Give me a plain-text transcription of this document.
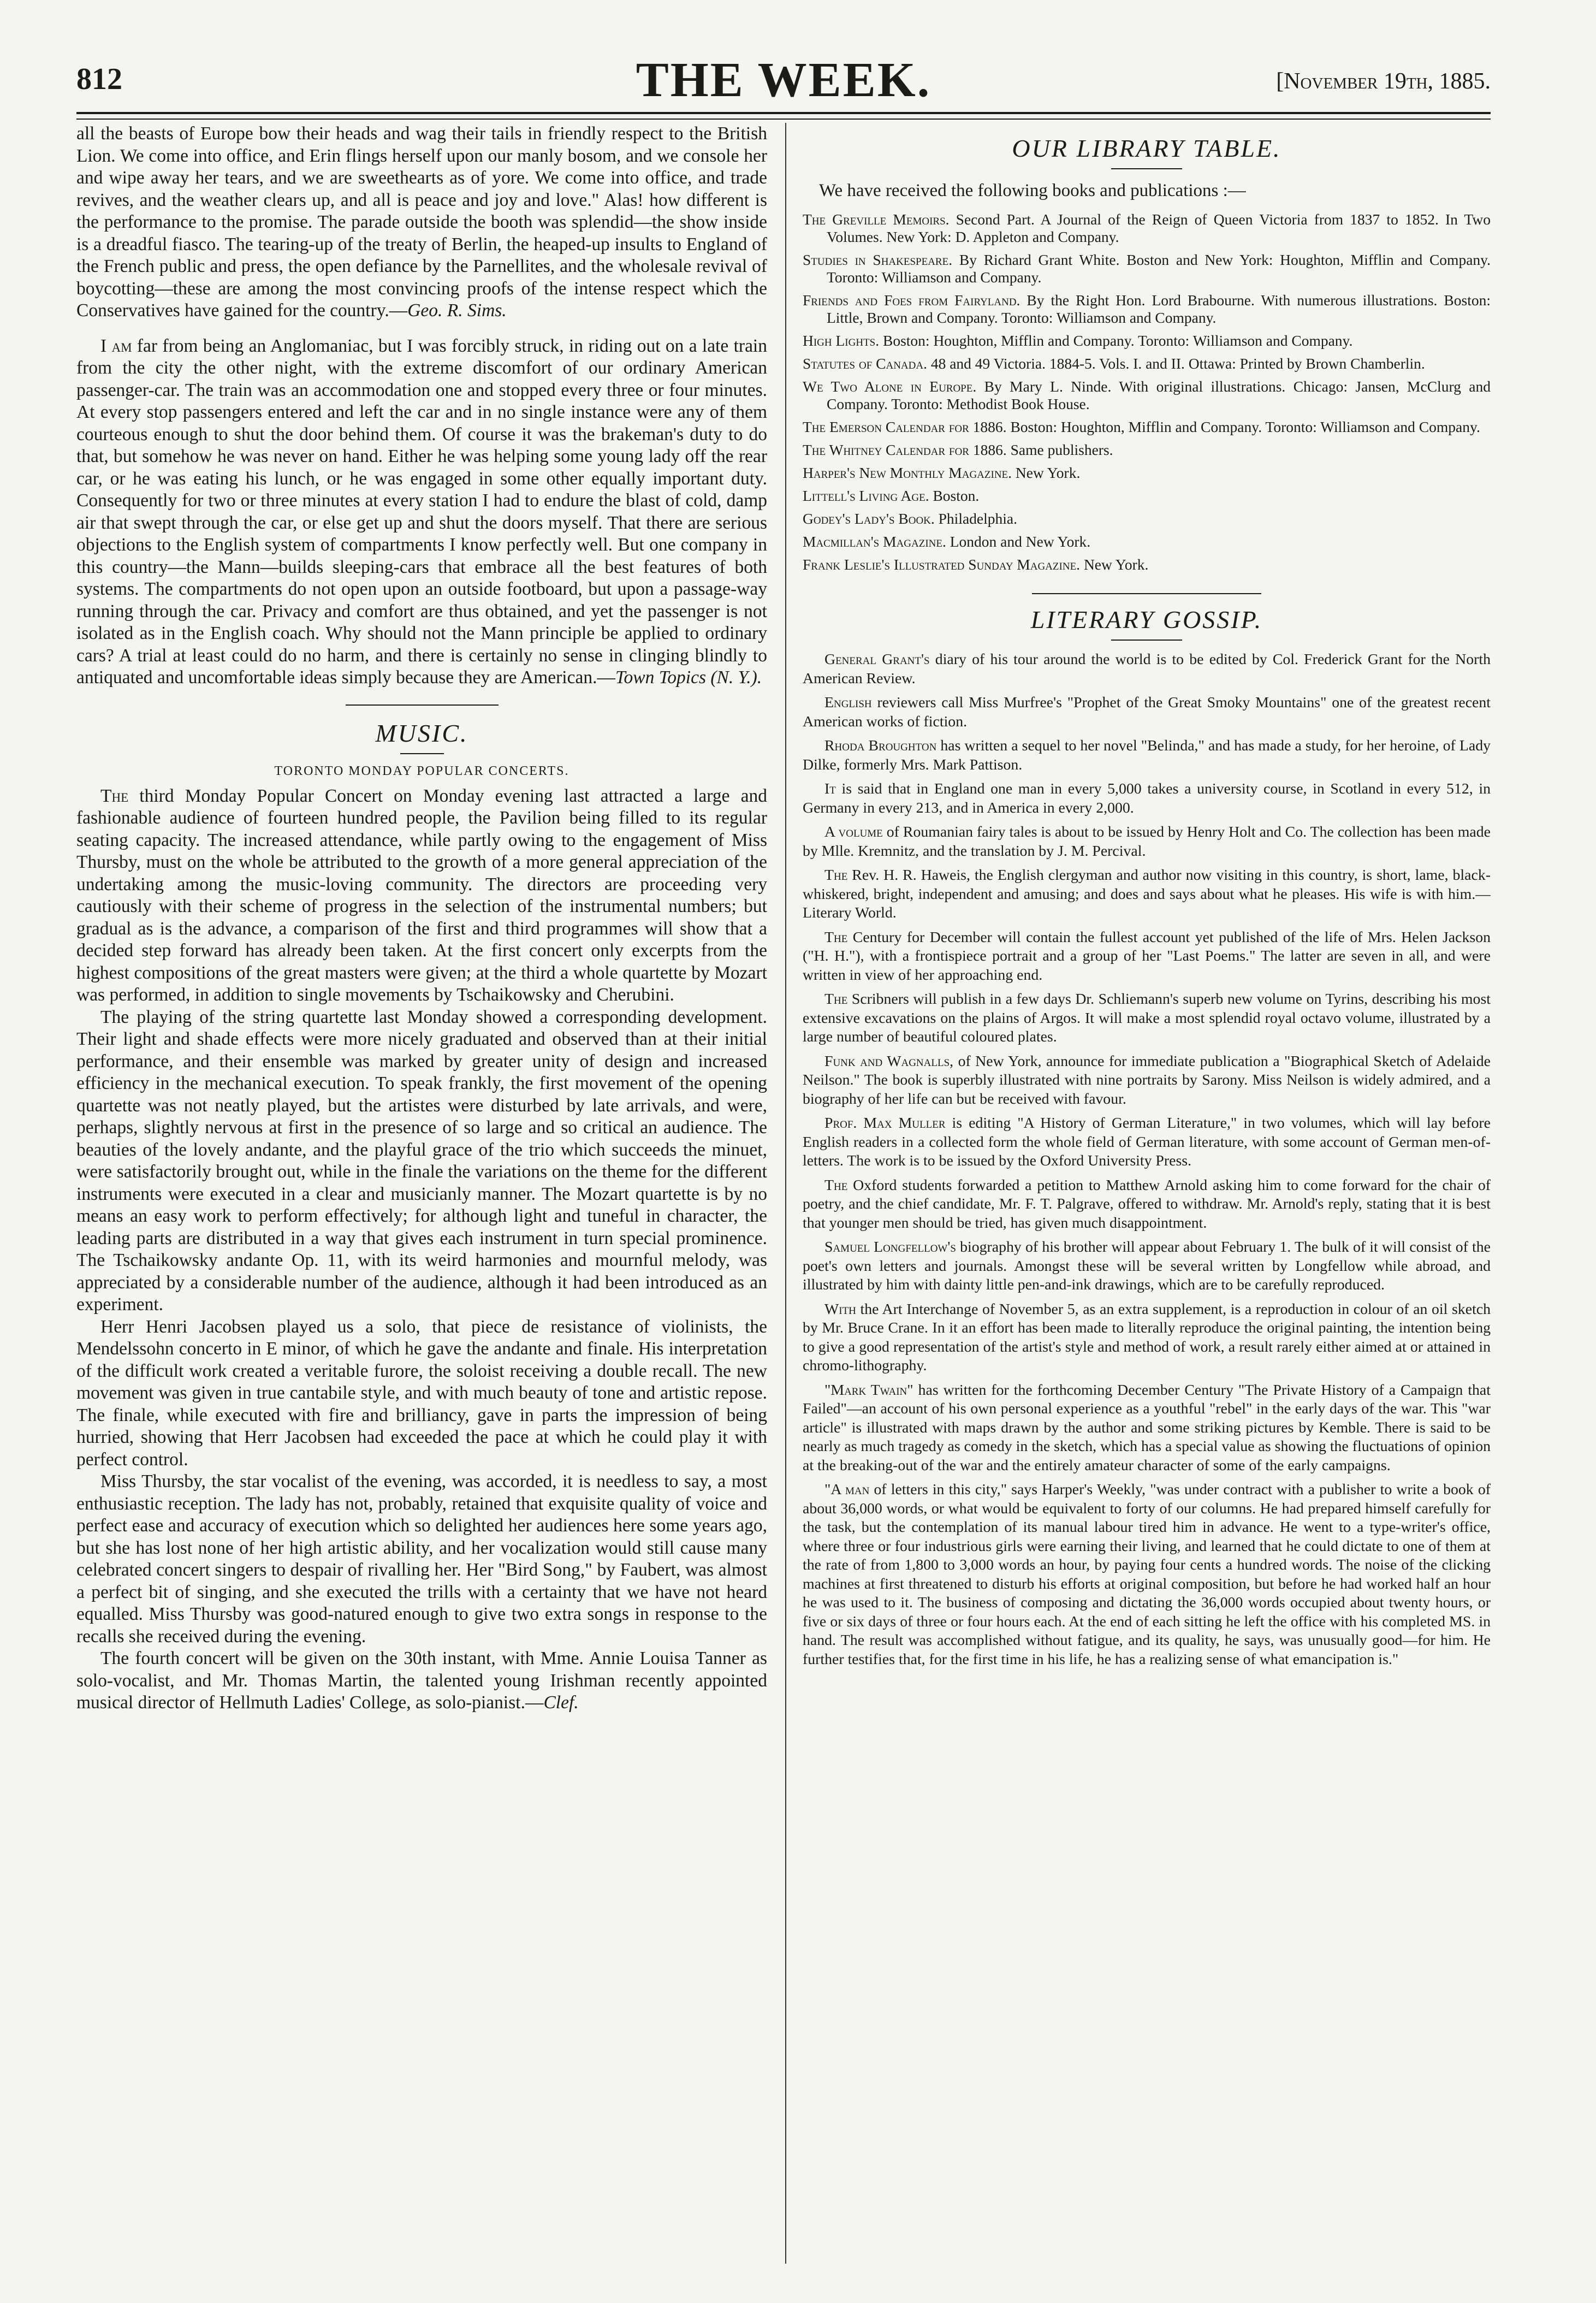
812	THE WEEK.	[November 19th, 1885.

all the beasts of Europe bow their heads and wag their tails in friendly respect to the British Lion. We come into office, and Erin flings herself upon our manly bosom, and we console her and wipe away her tears, and we are sweethearts as of yore. We come into office, and trade revives, and the weather clears up, and all is peace and joy and love." Alas! how different is the performance to the promise. The parade outside the booth was splendid—the show inside is a dreadful fiasco. The tearing-up of the treaty of Berlin, the heaped-up insults to England of the French public and press, the open defiance by the Parnellites, and the wholesale revival of boycotting—these are among the most convincing proofs of the intense respect which the Conservatives have gained for the country.—Geo. R. Sims.

I am far from being an Anglomaniac, but I was forcibly struck, in riding out on a late train from the city the other night, with the extreme discomfort of our ordinary American passenger-car. The train was an accommodation one and stopped every three or four minutes. At every stop passengers entered and left the car and in no single instance were any of them courteous enough to shut the door behind them. Of course it was the brakeman's duty to do that, but somehow he was never on hand. Either he was helping some young lady off the rear car, or he was eating his lunch, or he was engaged in some other equally important duty. Consequently for two or three minutes at every station I had to endure the blast of cold, damp air that swept through the car, or else get up and shut the doors myself. That there are serious objections to the English system of compartments I know perfectly well. But one company in this country—the Mann—builds sleeping-cars that embrace all the best features of both systems. The compartments do not open upon an outside footboard, but upon a passage-way running through the car. Privacy and comfort are thus obtained, and yet the passenger is not isolated as in the English coach. Why should not the Mann principle be applied to ordinary cars? A trial at least could do no harm, and there is certainly no sense in clinging blindly to antiquated and uncomfortable ideas simply because they are American.—Town Topics (N. Y.).

MUSIC.
TORONTO MONDAY POPULAR CONCERTS.

The third Monday Popular Concert on Monday evening last attracted a large and fashionable audience of fourteen hundred people, the Pavilion being filled to its regular seating capacity. The increased attendance, while partly owing to the engagement of Miss Thursby, must on the whole be attributed to the growth of a more general appreciation of the undertaking among the music-loving community. The directors are proceeding very cautiously with their scheme of progress in the selection of the instrumental numbers; but gradual as is the advance, a comparison of the first and third programmes will show that a decided step forward has already been taken. At the first concert only excerpts from the highest compositions of the great masters were given; at the third a whole quartette by Mozart was performed, in addition to single movements by Tschaikowsky and Cherubini.

The playing of the string quartette last Monday showed a corresponding development. Their light and shade effects were more nicely graduated and observed than at their initial performance, and their ensemble was marked by greater unity of design and increased efficiency in the mechanical execution. To speak frankly, the first movement of the opening quartette was not neatly played, but the artistes were disturbed by late arrivals, and were, perhaps, slightly nervous at first in the presence of so large and so critical an audience. The beauties of the lovely andante, and the playful grace of the trio which succeeds the minuet, were satisfactorily brought out, while in the finale the variations on the theme for the different instruments were executed in a clear and musicianly manner. The Mozart quartette is by no means an easy work to perform effectively; for although light and tuneful in character, the leading parts are distributed in a way that gives each instrument in turn special prominence. The Tschaikowsky andante Op. 11, with its weird harmonies and mournful melody, was appreciated by a considerable number of the audience, although it had been introduced as an experiment.

Herr Henri Jacobsen played us a solo, that piece de resistance of violinists, the Mendelssohn concerto in E minor, of which he gave the andante and finale. His interpretation of the difficult work created a veritable furore, the soloist receiving a double recall. The new movement was given in true cantabile style, and with much beauty of tone and artistic repose. The finale, while executed with fire and brilliancy, gave in parts the impression of being hurried, showing that Herr Jacobsen had exceeded the pace at which he could play it with perfect control.

Miss Thursby, the star vocalist of the evening, was accorded, it is needless to say, a most enthusiastic reception. The lady has not, probably, retained that exquisite quality of voice and perfect ease and accuracy of execution which so delighted her audiences here some years ago, but she has lost none of her high artistic ability, and her vocalization would still cause many celebrated concert singers to despair of rivalling her. Her "Bird Song," by Faubert, was almost a perfect bit of singing, and she executed the trills with a certainty that we have not heard equalled. Miss Thursby was good-natured enough to give two extra songs in response to the recalls she received during the evening.

The fourth concert will be given on the 30th instant, with Mme. Annie Louisa Tanner as solo-vocalist, and Mr. Thomas Martin, the talented young Irishman recently appointed musical director of Hellmuth Ladies' College, as solo-pianist.—Clef.

OUR LIBRARY TABLE.

We have received the following books and publications :—

The Greville Memoirs. Second Part. A Journal of the Reign of Queen Victoria from 1837 to 1852. In Two Volumes. New York: D. Appleton and Company.

Studies in Shakespeare. By Richard Grant White. Boston and New York: Houghton, Mifflin and Company. Toronto: Williamson and Company.

Friends and Foes from Fairyland. By the Right Hon. Lord Brabourne. With numerous illustrations. Boston: Little, Brown and Company. Toronto: Williamson and Company.

High Lights. Boston: Houghton, Mifflin and Company. Toronto: Williamson and Company.

Statutes of Canada. 48 and 49 Victoria. 1884-5. Vols. I. and II. Ottawa: Printed by Brown Chamberlin.

We Two Alone in Europe. By Mary L. Ninde. With original illustrations. Chicago: Jansen, McClurg and Company. Toronto: Methodist Book House.

The Emerson Calendar for 1886. Boston: Houghton, Mifflin and Company. Toronto: Williamson and Company.

The Whitney Calendar for 1886. Same publishers.

Harper's New Monthly Magazine. New York.

Littell's Living Age. Boston.

Godey's Lady's Book. Philadelphia.

Macmillan's Magazine. London and New York.

Frank Leslie's Illustrated Sunday Magazine. New York.

LITERARY GOSSIP.

General Grant's diary of his tour around the world is to be edited by Col. Frederick Grant for the North American Review.

English reviewers call Miss Murfree's "Prophet of the Great Smoky Mountains" one of the greatest recent American works of fiction.

Rhoda Broughton has written a sequel to her novel "Belinda," and has made a study, for her heroine, of Lady Dilke, formerly Mrs. Mark Pattison.

It is said that in England one man in every 5,000 takes a university course, in Scotland in every 512, in Germany in every 213, and in America in every 2,000.

A volume of Roumanian fairy tales is about to be issued by Henry Holt and Co. The collection has been made by Mlle. Kremnitz, and the translation by J. M. Percival.

The Rev. H. R. Haweis, the English clergyman and author now visiting in this country, is short, lame, black-whiskered, bright, independent and amusing; and does and says about what he pleases. His wife is with him.—Literary World.

The Century for December will contain the fullest account yet published of the life of Mrs. Helen Jackson ("H. H."), with a frontispiece portrait and a group of her "Last Poems." The latter are seven in all, and were written in view of her approaching end.

The Scribners will publish in a few days Dr. Schliemann's superb new volume on Tyrins, describing his most extensive excavations on the plains of Argos. It will make a most splendid royal octavo volume, illustrated by a large number of beautiful coloured plates.

Funk and Wagnalls, of New York, announce for immediate publication a "Biographical Sketch of Adelaide Neilson." The book is superbly illustrated with nine portraits by Sarony. Miss Neilson is widely admired, and a biography of her life can but be received with favour.

Prof. Max Muller is editing "A History of German Literature," in two volumes, which will lay before English readers in a collected form the whole field of German literature, with some account of German men-of-letters. The work is to be issued by the Oxford University Press.

The Oxford students forwarded a petition to Matthew Arnold asking him to come forward for the chair of poetry, and the chief candidate, Mr. F. T. Palgrave, offered to withdraw. Mr. Arnold's reply, stating that it is best that younger men should be tried, has given much disappointment.

Samuel Longfellow's biography of his brother will appear about February 1. The bulk of it will consist of the poet's own letters and journals. Amongst these will be several written by Longfellow while abroad, and illustrated by him with dainty little pen-and-ink drawings, which are to be carefully reproduced.

With the Art Interchange of November 5, as an extra supplement, is a reproduction in colour of an oil sketch by Mr. Bruce Crane. In it an effort has been made to literally reproduce the original painting, the intention being to give a good representation of the artist's style and method of work, a result rarely either aimed at or attained in chromo-lithography.

"Mark Twain" has written for the forthcoming December Century "The Private History of a Campaign that Failed"—an account of his own personal experience as a youthful "rebel" in the early days of the war. This "war article" is illustrated with maps drawn by the author and some striking pictures by Kemble. There is said to be nearly as much tragedy as comedy in the sketch, which has a special value as showing the fluctuations of opinion at the breaking-out of the war and the entirely amateur character of some of the early campaigns.

"A man of letters in this city," says Harper's Weekly, "was under contract with a publisher to write a book of about 36,000 words, or what would be equivalent to forty of our columns. He had prepared himself carefully for the task, but the contemplation of its manual labour tired him in advance. He went to a type-writer's office, where three or four industrious girls were earning their living, and learned that he could dictate to one of them at the rate of from 1,800 to 3,000 words an hour, by paying four cents a hundred words. The noise of the clicking machines at first threatened to disturb his efforts at original composition, but before he had worked half an hour he was used to it. The business of composing and dictating the 36,000 words occupied about twenty hours, or five or six days of three or four hours each. At the end of each sitting he left the office with his completed MS. in hand. The result was accomplished without fatigue, and its quality, he says, was unusually good—for him. He further testifies that, for the first time in his life, he has a realizing sense of what emancipation is."
